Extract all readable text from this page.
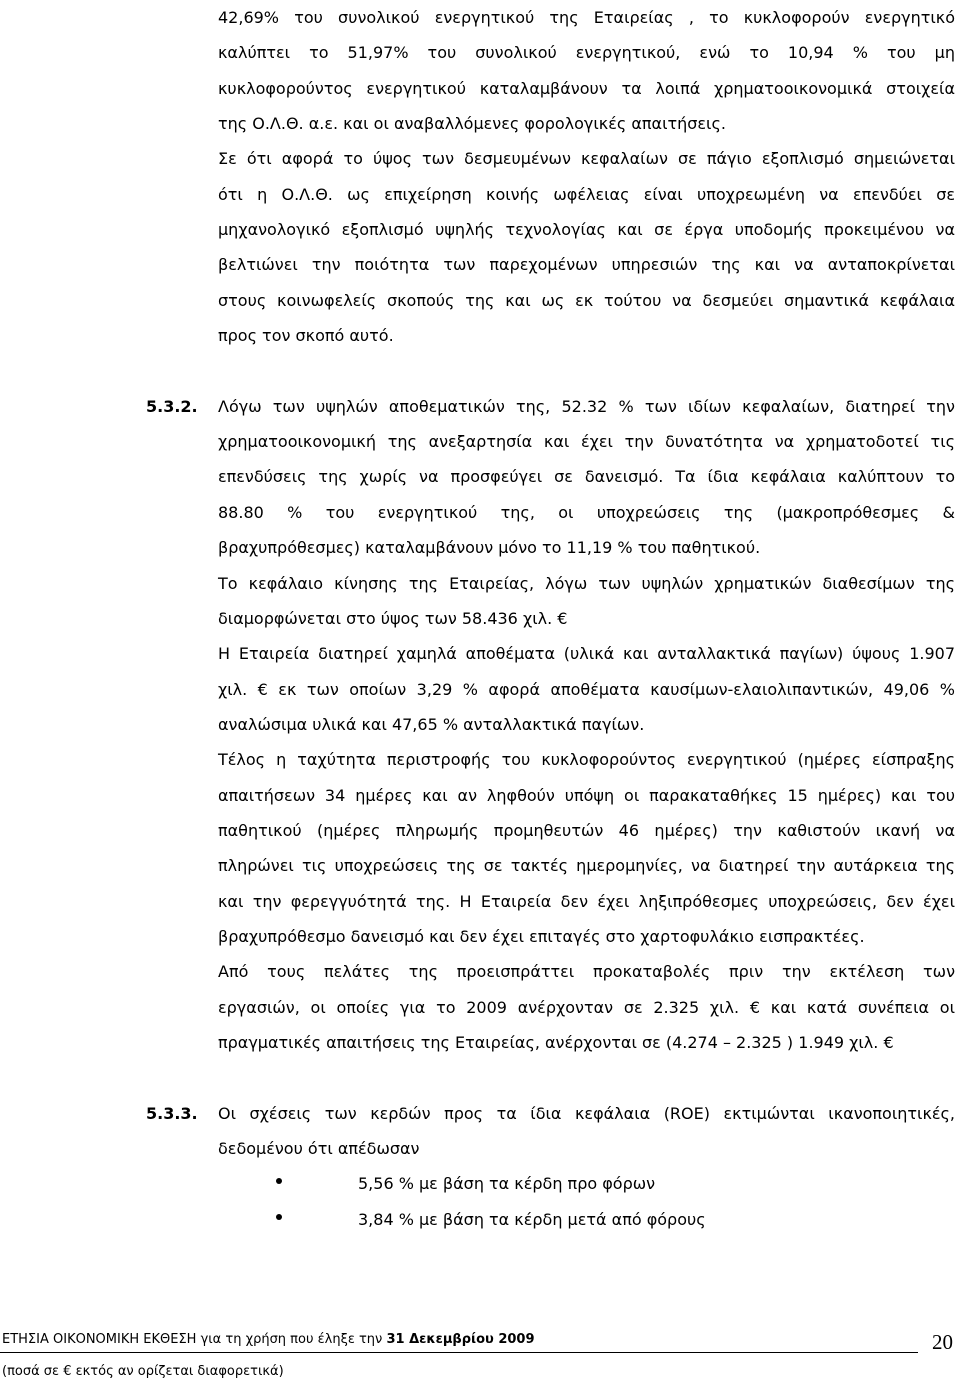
42,69% του συνολικού ενεργητικού της Εταιρείας , το κυκλοφορούν ενεργητικό
καλύπτει το 51,97% του συνολικού ενεργητικού, ενώ το 10,94 % του μη
κυκλοφορούντος ενεργητικού καταλαμβάνουν τα λοιπά χρηματοοικονομικά στοιχεία
της Ο.Λ.Θ. α.ε. και οι αναβαλλόμενες φορολογικές απαιτήσεις.
Σε ότι αφορά το ύψος των δεσμευμένων κεφαλαίων σε πάγιο εξοπλισμό σημειώνεται
ότι η Ο.Λ.Θ. ως επιχείρηση κοινής ωφέλειας είναι υποχρεωμένη να επενδύει σε
μηχανολογικό εξοπλισμό υψηλής τεχνολογίας και σε έργα υποδομής προκειμένου να
βελτιώνει την ποιότητα των παρεχομένων υπηρεσιών της και να ανταποκρίνεται
στους κοινωφελείς σκοπούς της και ως εκ τούτου να δεσμεύει σημαντικά κεφάλαια
προς τον σκοπό αυτό.
5.3.2. Λόγω των υψηλών αποθεματικών της, 52.32 % των ιδίων κεφαλαίων, διατηρεί την
χρηματοοικονομική της ανεξαρτησία και έχει την δυνατότητα να χρηματοδοτεί τις
επενδύσεις της χωρίς να προσφεύγει σε δανεισμό. Τα ίδια κεφάλαια καλύπτουν το
88.80 % του ενεργητικού της, οι υποχρεώσεις της (μακροπρόθεσμες &
βραχυπρόθεσμες) καταλαμβάνουν μόνο το 11,19 % του παθητικού.
Το κεφάλαιο κίνησης της Εταιρείας, λόγω των υψηλών χρηματικών διαθεσίμων της
διαμορφώνεται στο ύψος των 58.436 χιλ. €
Η Εταιρεία διατηρεί χαμηλά αποθέματα (υλικά και ανταλλακτικά παγίων) ύψους 1.907
χιλ. € εκ των οποίων 3,29 % αφορά αποθέματα καυσίμων-ελαιολιπαντικών, 49,06 %
αναλώσιμα υλικά και 47,65 % ανταλλακτικά παγίων.
Τέλος η ταχύτητα περιστροφής του κυκλοφορούντος ενεργητικού (ημέρες είσπραξης
απαιτήσεων 34 ημέρες και αν ληφθούν υπόψη οι παρακαταθήκες 15 ημέρες) και του
παθητικού (ημέρες πληρωμής προμηθευτών 46 ημέρες) την καθιστούν ικανή να
πληρώνει τις υποχρεώσεις της σε τακτές ημερομηνίες, να διατηρεί την αυτάρκεια της
και την φερεγγυότητά της. Η Εταιρεία δεν έχει ληξιπρόθεσμες υποχρεώσεις, δεν έχει
βραχυπρόθεσμο δανεισμό και δεν έχει επιταγές στο χαρτοφυλάκιο εισπρακτέες.
Από τους πελάτες της προεισπράττει προκαταβολές πριν την εκτέλεση των
εργασιών, οι οποίες για το 2009 ανέρχονταν σε 2.325 χιλ. € και κατά συνέπεια οι
πραγματικές απαιτήσεις της Εταιρείας, ανέρχονται σε (4.274 – 2.325 ) 1.949 χιλ. €
5.3.3. Οι σχέσεις των κερδών προς τα ίδια κεφάλαια (ROE) εκτιμώνται ικανοποιητικές,
δεδομένου ότι απέδωσαν
5,56 % με βάση τα κέρδη προ φόρων
3,84 % με βάση τα κέρδη μετά από φόρους
ΕΤΗΣΙΑ ΟΙΚΟΝΟΜΙΚΗ ΕΚΘΕΣΗ για τη χρήση που έληξε την 31 Δεκεμβρίου 2009	20
(ποσά σε € εκτός αν ορίζεται διαφορετικά)
